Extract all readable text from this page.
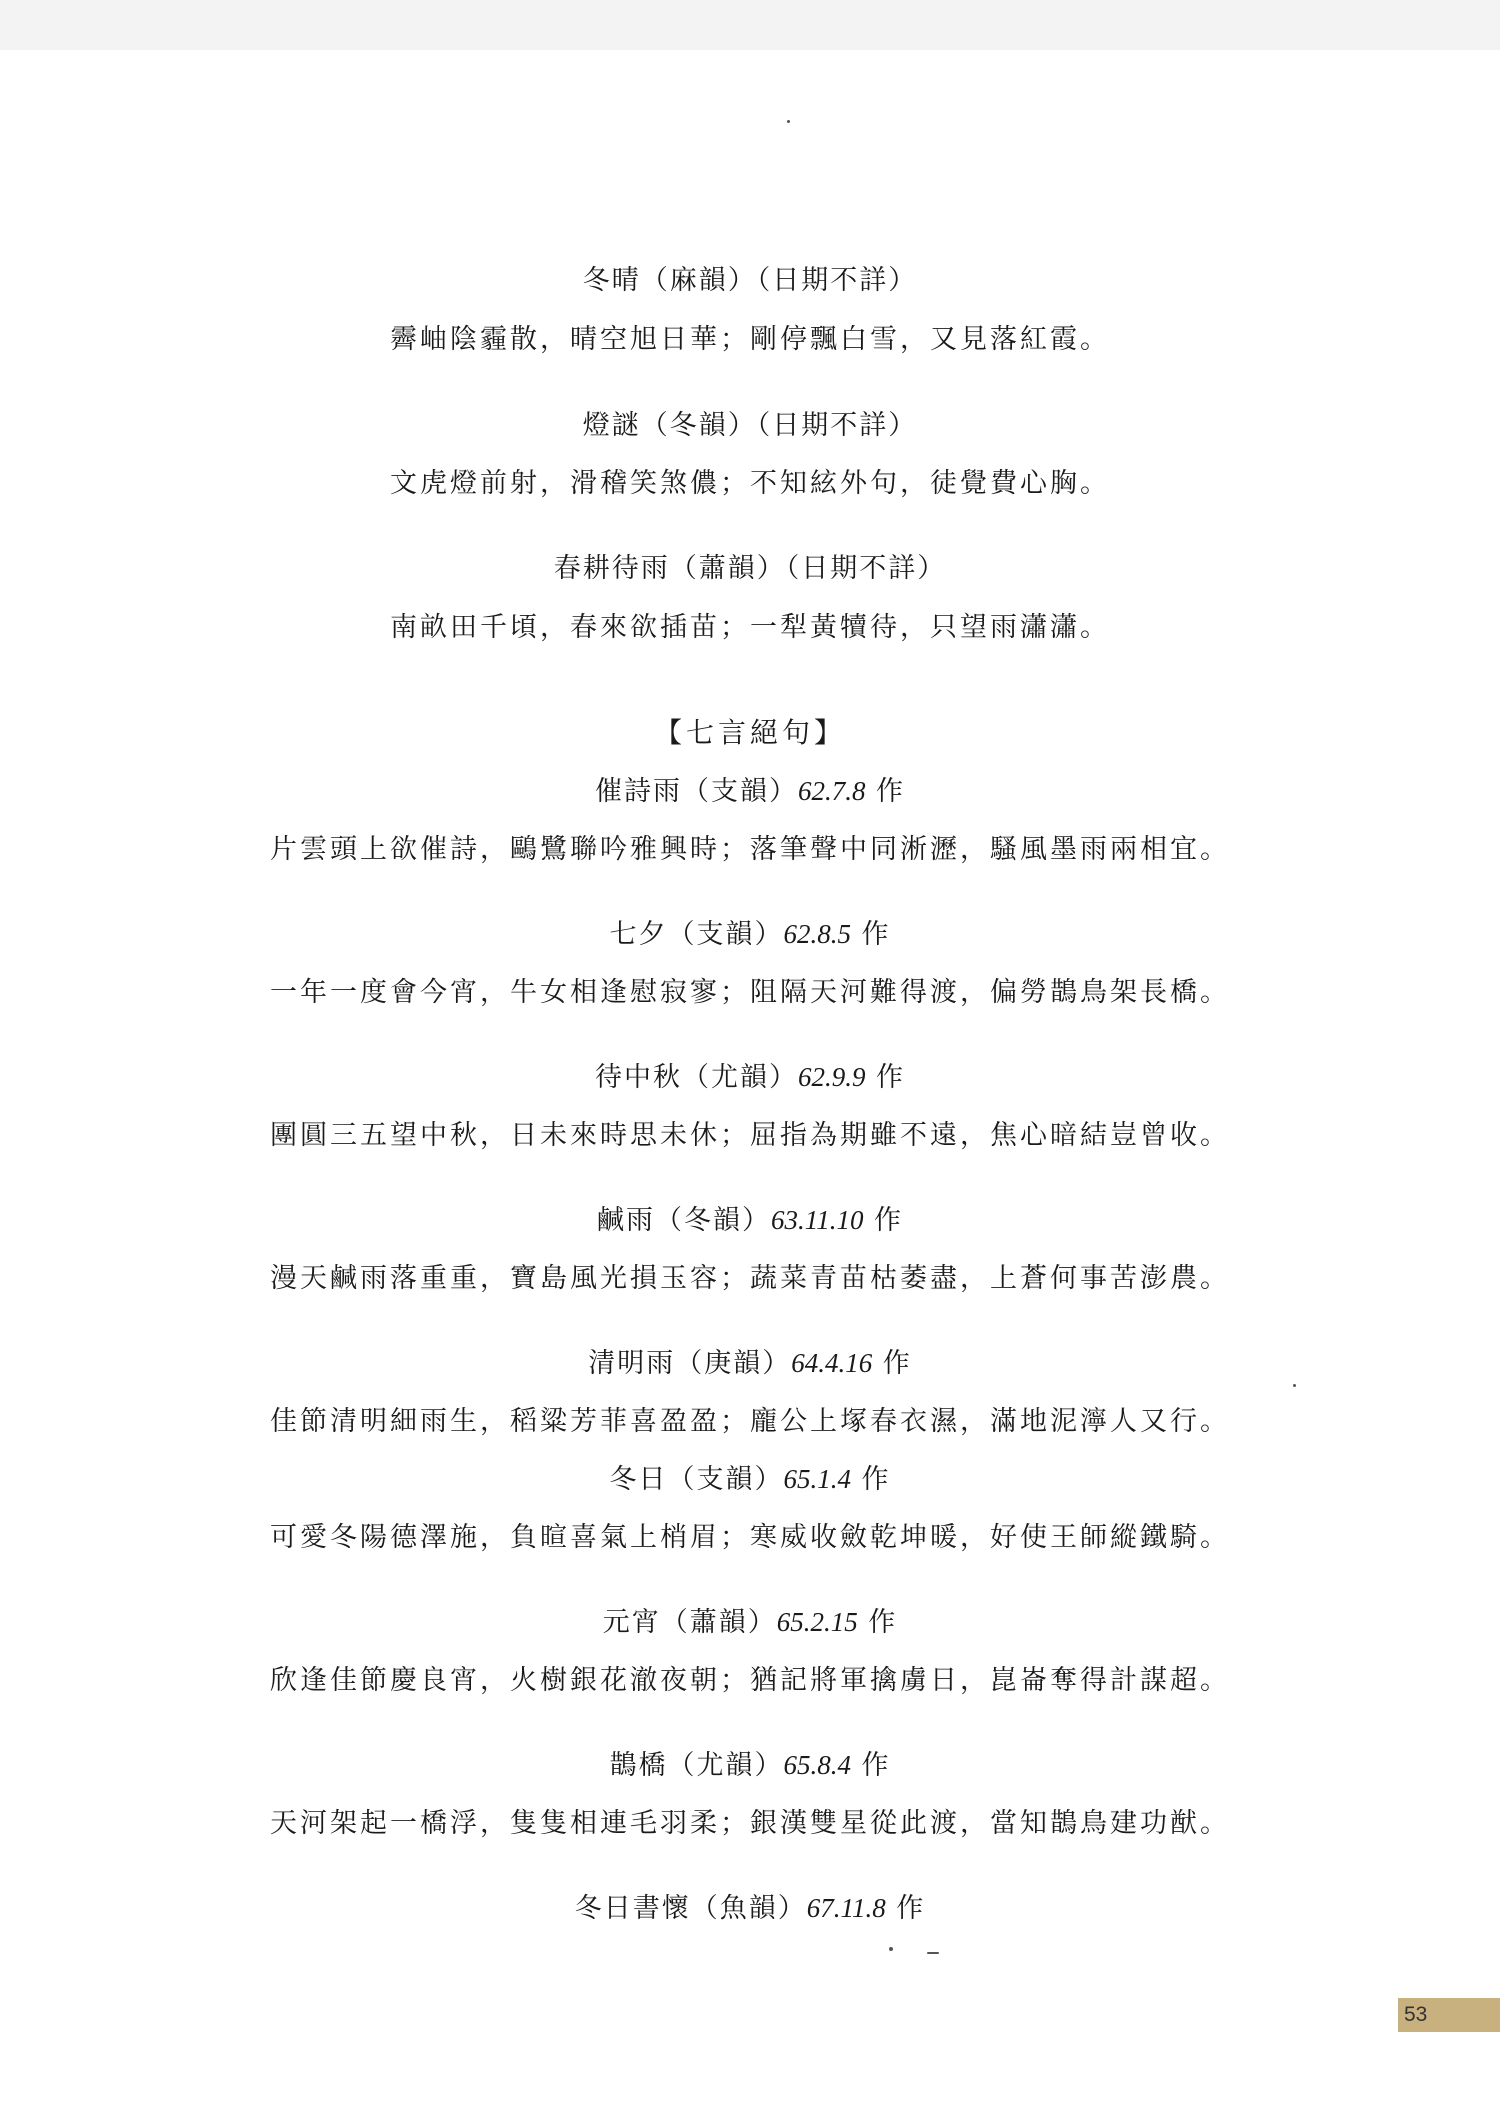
冬晴（麻韻）（日期不詳）
霽岫陰霾散，晴空旭日華；剛停飄白雪，又見落紅霞。
燈謎（冬韻）（日期不詳）
文虎燈前射，滑稽笑煞儂；不知絃外句，徒覺費心胸。
春耕待雨（蕭韻）（日期不詳）
南畝田千頃，春來欲插苗；一犁黃犢待，只望雨瀟瀟。
【七言絕句】
催詩雨（支韻）62.7.8 作
片雲頭上欲催詩，鷗鷺聯吟雅興時；落筆聲中同淅瀝，騷風墨雨兩相宜。
七夕（支韻）62.8.5 作
一年一度會今宵，牛女相逢慰寂寥；阻隔天河難得渡，偏勞鵲鳥架長橋。
待中秋（尤韻）62.9.9 作
團圓三五望中秋，日未來時思未休；屈指為期雖不遠，焦心暗結豈曾收。
鹹雨（冬韻）63.11.10 作
漫天鹹雨落重重，寶島風光損玉容；蔬菜青苗枯萎盡，上蒼何事苦澎農。
清明雨（庚韻）64.4.16 作
佳節清明細雨生，稻粱芳菲喜盈盈；龐公上塚春衣濕，滿地泥濘人又行。
冬日（支韻）65.1.4 作
可愛冬陽德澤施，負暄喜氣上梢眉；寒威收斂乾坤暖，好使王師縱鐵騎。
元宵（蕭韻）65.2.15 作
欣逢佳節慶良宵，火樹銀花澈夜朝；猶記將軍擒虜日，崑崙奪得計謀超。
鵲橋（尤韻）65.8.4 作
天河架起一橋浮，隻隻相連毛羽柔；銀漢雙星從此渡，當知鵲鳥建功猷。
冬日書懷（魚韻）67.11.8 作
53
